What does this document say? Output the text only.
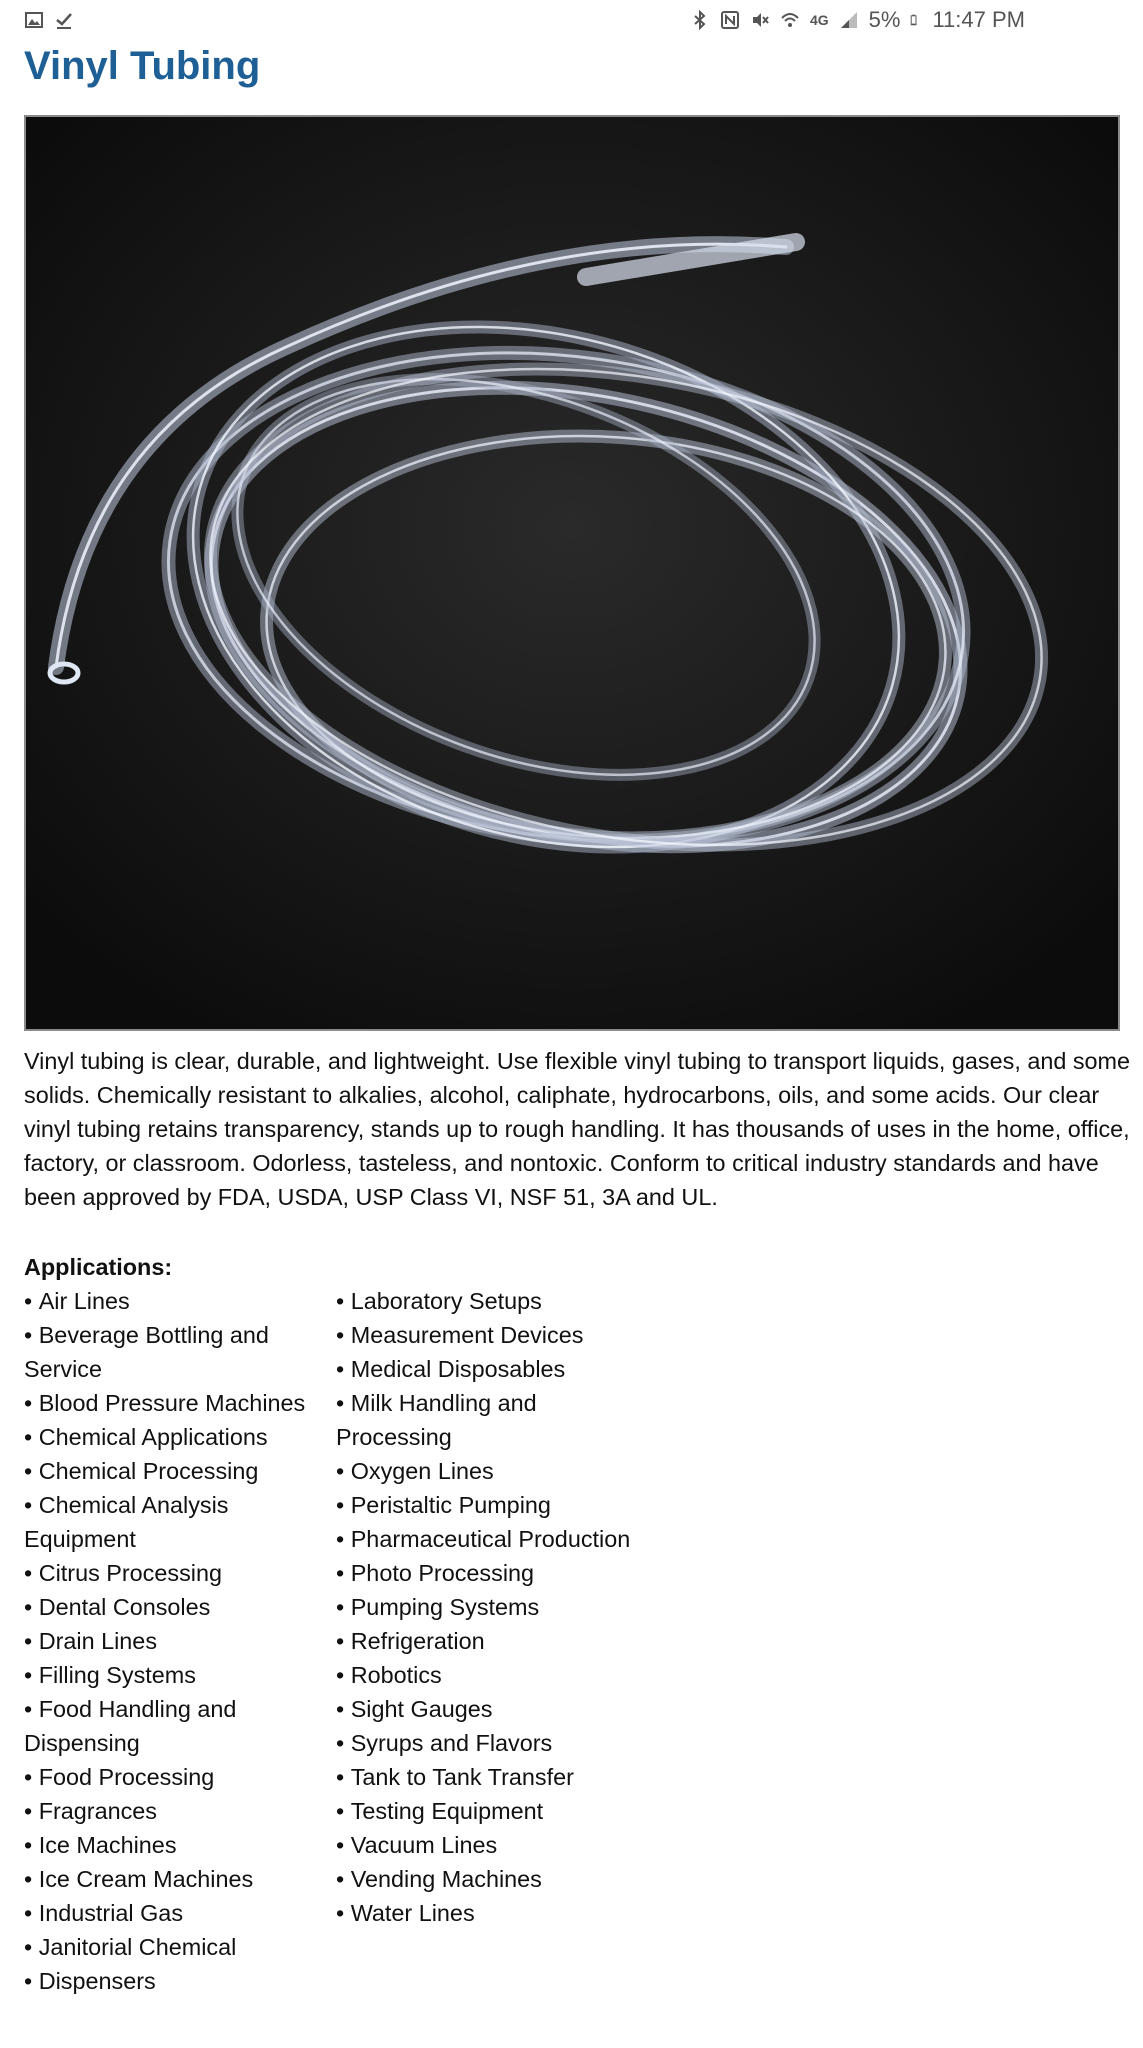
4G 5% 11:47 PM
Vinyl Tubing

Vinyl tubing is clear, durable, and lightweight. Use flexible vinyl tubing to transport liquids, gases, and some solids. Chemically resistant to alkalies, alcohol, caliphate, hydrocarbons, oils, and some acids. Our clear vinyl tubing retains transparency, stands up to rough handling. It has thousands of uses in the home, office, factory, or classroom. Odorless, tasteless, and nontoxic. Conform to critical industry standards and have been approved by FDA, USDA, USP Class VI, NSF 51, 3A and UL.

Applications:

• Air Lines
• Beverage Bottling and Service
• Blood Pressure Machines
• Chemical Applications
• Chemical Processing
• Chemical Analysis Equipment
• Citrus Processing
• Dental Consoles
• Drain Lines
• Filling Systems
• Food Handling and Dispensing
• Food Processing
• Fragrances
• Ice Machines
• Ice Cream Machines
• Industrial Gas
• Janitorial Chemical
• Dispensers
• Laboratory Setups
• Measurement Devices
• Medical Disposables
• Milk Handling and Processing
• Oxygen Lines
• Peristaltic Pumping
• Pharmaceutical Production
• Photo Processing
• Pumping Systems
• Refrigeration
• Robotics
• Sight Gauges
• Syrups and Flavors
• Tank to Tank Transfer
• Testing Equipment
• Vacuum Lines
• Vending Machines
• Water Lines
